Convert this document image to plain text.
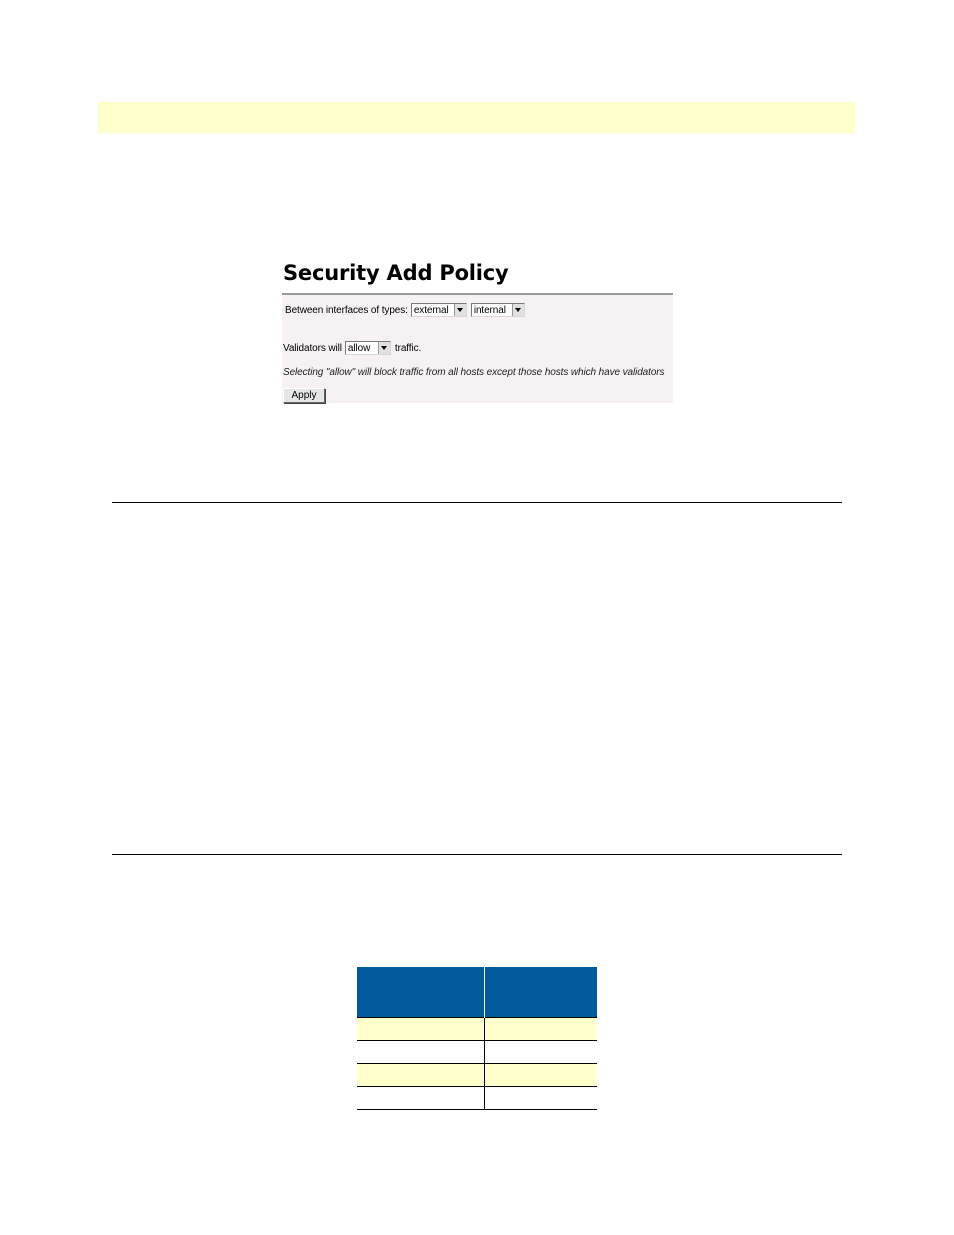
Security Add Policy
Between interfaces of types: external	internal
Validators will allow traffic.
Selecting "allow" will block traffic from all hosts except those hosts which have validators
Apply
